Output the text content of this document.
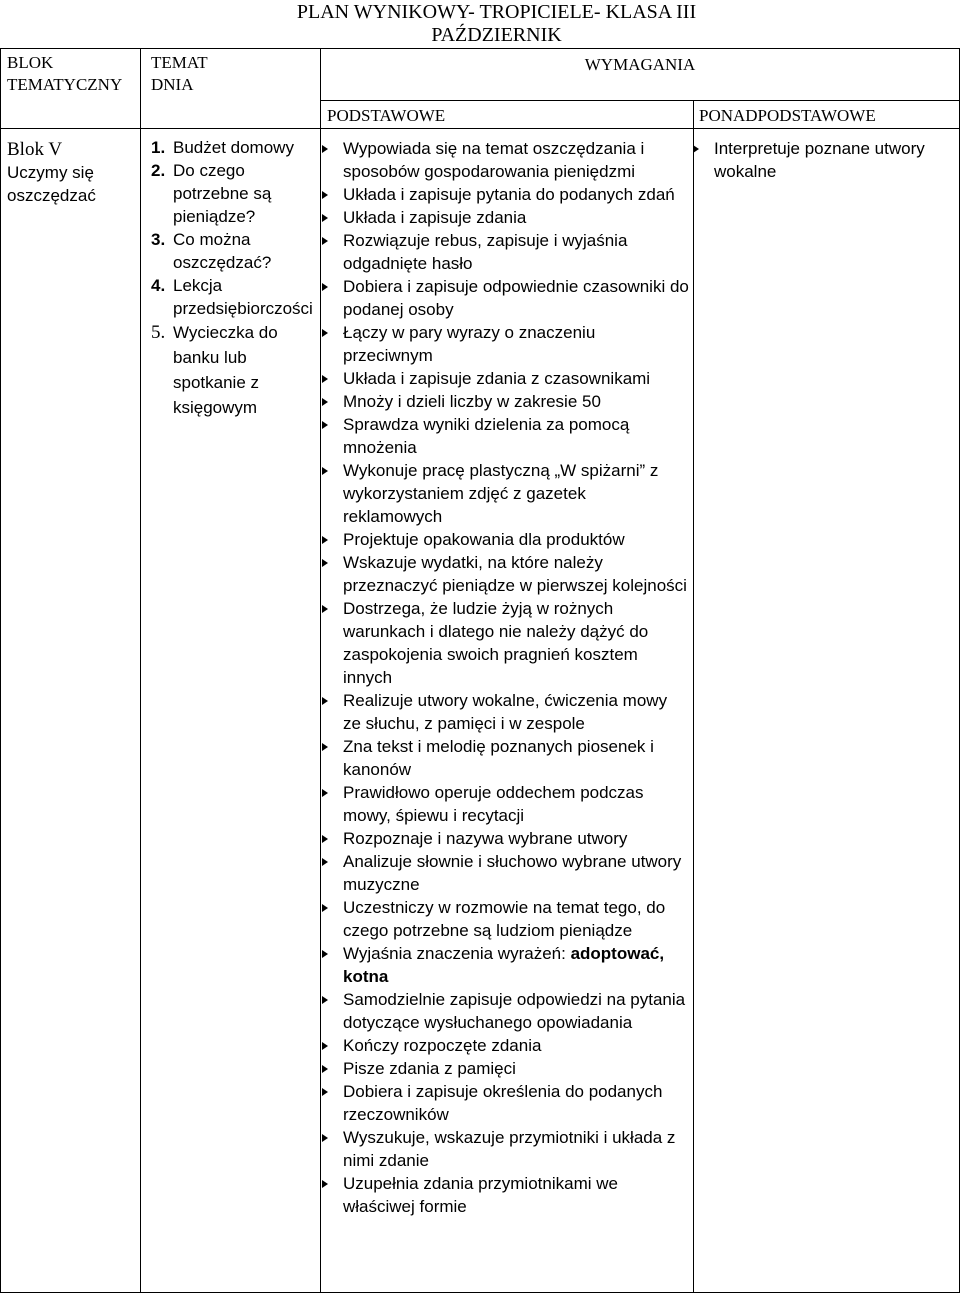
PLAN WYNIKOWY- TROPICIELE- KLASA III
PAŹDZIERNIK
BLOK TEMATYCZNY
TEMAT DNIA
WYMAGANIA
PODSTAWOWE	PONADPODSTAWOWE
Blok V
Uczymy się oszczędzać
1. Budżet domowy
2. Do czego potrzebne są pieniądze?
3. Co można oszczędzać?
4. Lekcja przedsiębiorczości
5. Wycieczka do banku lub spotkanie z księgowym
Wypowiada się na temat oszczędzania i sposobów gospodarowania pieniędzmi
Układa i zapisuje pytania do podanych zdań
Układa i zapisuje zdania
Rozwiązuje rebus, zapisuje i wyjaśnia odgadnięte hasło
Dobiera i zapisuje odpowiednie czasowniki do podanej osoby
Łączy w pary wyrazy o znaczeniu przeciwnym
Układa i zapisuje zdania z czasownikami
Mnoży i dzieli liczby w zakresie 50
Sprawdza wyniki dzielenia za pomocą mnożenia
Wykonuje pracę plastyczną „W spiżarni” z wykorzystaniem zdjęć z gazetek reklamowych
Projektuje opakowania dla produktów
Wskazuje wydatki, na które należy przeznaczyć pieniądze w pierwszej kolejności
Dostrzega, że ludzie żyją w rożnych warunkach i dlatego nie należy dążyć do zaspokojenia swoich pragnień kosztem innych
Realizuje utwory wokalne, ćwiczenia mowy ze słuchu, z pamięci i w zespole
Zna tekst i melodię poznanych piosenek i kanonów
Prawidłowo operuje oddechem podczas mowy, śpiewu i recytacji
Rozpoznaje i nazywa wybrane utwory
Analizuje słownie i słuchowo wybrane utwory muzyczne
Uczestniczy w rozmowie na temat tego, do czego potrzebne są ludziom pieniądze
Wyjaśnia znaczenia wyrażeń: adoptować, kotna
Samodzielnie zapisuje odpowiedzi na pytania dotyczące wysłuchanego opowiadania
Kończy rozpoczęte zdania
Pisze zdania z pamięci
Dobiera i zapisuje określenia do podanych rzeczowników
Wyszukuje, wskazuje przymiotniki i układa z nimi zdanie
Uzupełnia zdania przymiotnikami we właściwej formie
Interpretuje poznane utwory wokalne
